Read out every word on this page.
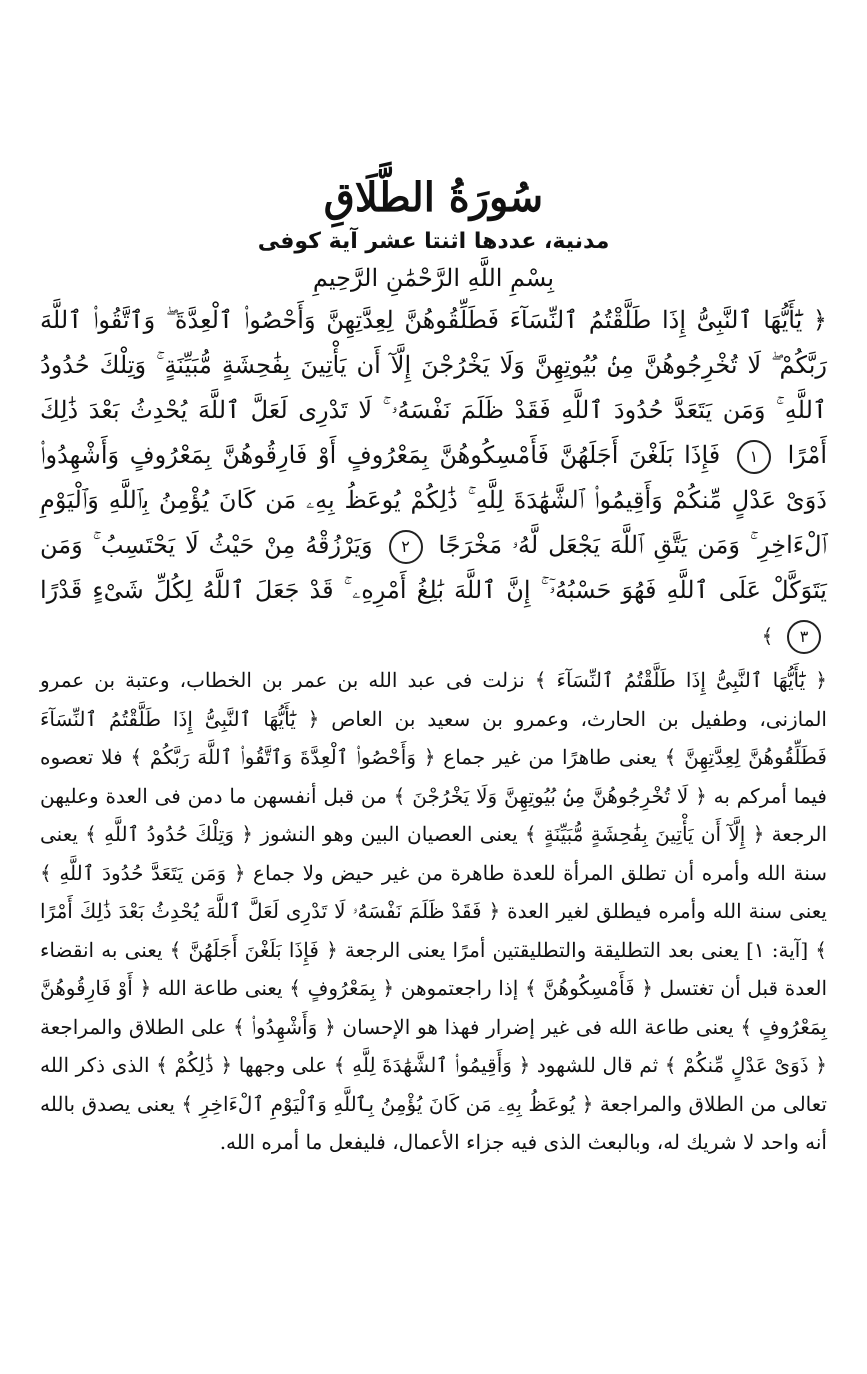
سُورَةُ الطَّلَاقِ

مدنية، عددها اثنتا عشر آية كوفى

بِسْمِ اللَّهِ الرَّحْمَٰنِ الرَّحِيمِ

﴿ يَٰٓأَيُّهَا ٱلنَّبِىُّ إِذَا طَلَّقْتُمُ ٱلنِّسَآءَ فَطَلِّقُوهُنَّ لِعِدَّتِهِنَّ وَأَحْصُوا۟ ٱلْعِدَّةَ ۖ وَٱتَّقُوا۟ ٱللَّهَ رَبَّكُمْ ۖ لَا تُخْرِجُوهُنَّ مِنۢ بُيُوتِهِنَّ وَلَا يَخْرُجْنَ إِلَّآ أَن يَأْتِينَ بِفَٰحِشَةٍ مُّبَيِّنَةٍ ۚ وَتِلْكَ حُدُودُ ٱللَّهِ ۚ وَمَن يَتَعَدَّ حُدُودَ ٱللَّهِ فَقَدْ ظَلَمَ نَفْسَهُۥ ۚ لَا تَدْرِى لَعَلَّ ٱللَّهَ يُحْدِثُ بَعْدَ ذَٰلِكَ أَمْرًا ١ فَإِذَا بَلَغْنَ أَجَلَهُنَّ فَأَمْسِكُوهُنَّ بِمَعْرُوفٍ أَوْ فَارِقُوهُنَّ بِمَعْرُوفٍ وَأَشْهِدُوا۟ ذَوَىْ عَدْلٍ مِّنكُمْ وَأَقِيمُوا۟ ٱلشَّهَٰدَةَ لِلَّهِ ۚ ذَٰلِكُمْ يُوعَظُ بِهِۦ مَن كَانَ يُؤْمِنُ بِٱللَّهِ وَٱلْيَوْمِ ٱلْءَاخِرِ ۚ وَمَن يَتَّقِ ٱللَّهَ يَجْعَل لَّهُۥ مَخْرَجًا ٢ وَيَرْزُقْهُ مِنْ حَيْثُ لَا يَحْتَسِبُ ۚ وَمَن يَتَوَكَّلْ عَلَى ٱللَّهِ فَهُوَ حَسْبُهُۥٓ ۚ إِنَّ ٱللَّهَ بَٰلِغُ أَمْرِهِۦ ۚ قَدْ جَعَلَ ٱللَّهُ لِكُلِّ شَىْءٍ قَدْرًا ٣ ﴾

﴿ يَٰٓأَيُّهَا ٱلنَّبِىُّ إِذَا طَلَّقْتُمُ ٱلنِّسَآءَ ﴾ نزلت فى عبد الله بن عمر بن الخطاب، وعتبة بن عمرو المازنى، وطفيل بن الحارث، وعمرو بن سعيد بن العاص ﴿ يَٰٓأَيُّهَا ٱلنَّبِىُّ إِذَا طَلَّقْتُمُ ٱلنِّسَآءَ فَطَلِّقُوهُنَّ لِعِدَّتِهِنَّ ﴾ يعنى طاهرًا من غير جماع ﴿ وَأَحْصُوا۟ ٱلْعِدَّةَ وَٱتَّقُوا۟ ٱللَّهَ رَبَّكُمْ ﴾ فلا تعصوه فيما أمركم به ﴿ لَا تُخْرِجُوهُنَّ مِنۢ بُيُوتِهِنَّ وَلَا يَخْرُجْنَ ﴾ من قبل أنفسهن ما دمن فى العدة وعليهن الرجعة ﴿ إِلَّآ أَن يَأْتِينَ بِفَٰحِشَةٍ مُّبَيِّنَةٍ ﴾ يعنى العصيان البين وهو النشوز ﴿ وَتِلْكَ حُدُودُ ٱللَّهِ ﴾ يعنى سنة الله وأمره أن تطلق المرأة للعدة طاهرة من غير حيض ولا جماع ﴿ وَمَن يَتَعَدَّ حُدُودَ ٱللَّهِ ﴾ يعنى سنة الله وأمره فيطلق لغير العدة ﴿ فَقَدْ ظَلَمَ نَفْسَهُۥ لَا تَدْرِى لَعَلَّ ٱللَّهَ يُحْدِثُ بَعْدَ ذَٰلِكَ أَمْرًا ﴾ [آية: ١] يعنى بعد التطليقة والتطليقتين أمرًا يعنى الرجعة ﴿ فَإِذَا بَلَغْنَ أَجَلَهُنَّ ﴾ يعنى به انقضاء العدة قبل أن تغتسل ﴿ فَأَمْسِكُوهُنَّ ﴾ إذا راجعتموهن ﴿ بِمَعْرُوفٍ ﴾ يعنى طاعة الله ﴿ أَوْ فَارِقُوهُنَّ بِمَعْرُوفٍ ﴾ يعنى طاعة الله فى غير إضرار فهذا هو الإحسان ﴿ وَأَشْهِدُوا۟ ﴾ على الطلاق والمراجعة ﴿ ذَوَىْ عَدْلٍ مِّنكُمْ ﴾ ثم قال للشهود ﴿ وَأَقِيمُوا۟ ٱلشَّهَٰدَةَ لِلَّهِ ﴾ على وجهها ﴿ ذَٰلِكُمْ ﴾ الذى ذكر الله تعالى من الطلاق والمراجعة ﴿ يُوعَظُ بِهِۦ مَن كَانَ يُؤْمِنُ بِٱللَّهِ وَٱلْيَوْمِ ٱلْءَاخِرِ ﴾ يعنى يصدق بالله أنه واحد لا شريك له، وبالبعث الذى فيه جزاء الأعمال، فليفعل ما أمره الله.
